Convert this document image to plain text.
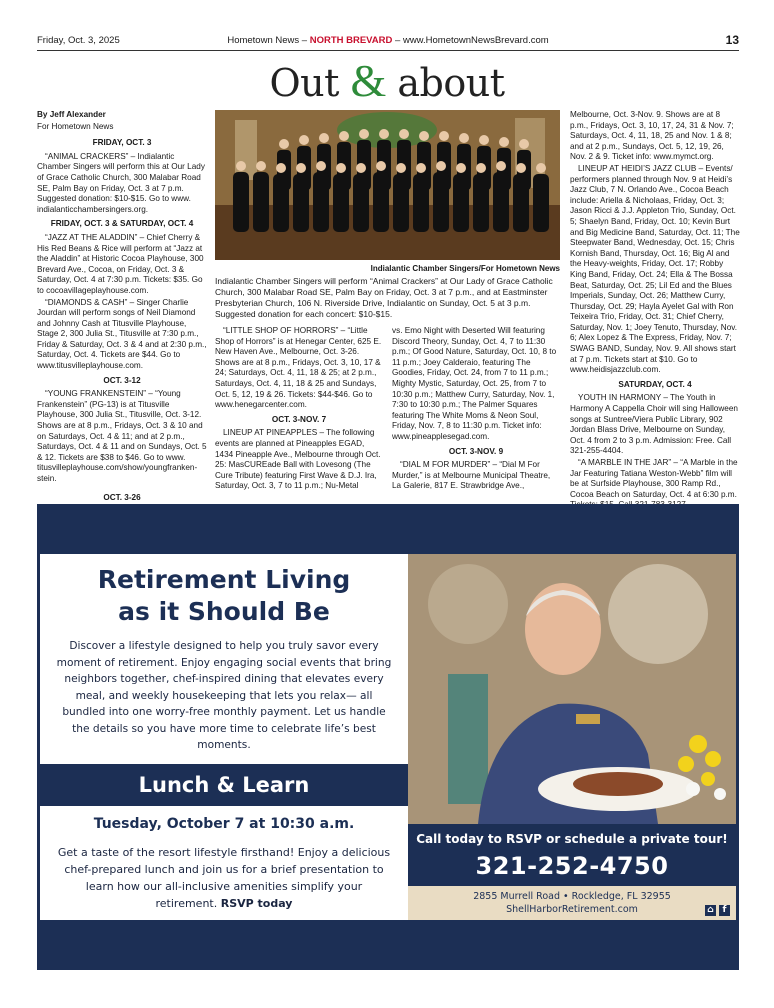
Friday, Oct. 3, 2025	Hometown News – NORTH BREVARD – www.HometownNewsBrevard.com	13
Out & about

By Jeff Alexander

For Hometown News

FRIDAY, OCT. 3

“ANIMAL CRACKERS” – Indialantic Chamber Singers will perform this at Our Lady of Grace Catholic Church, 300 Malabar Road SE, Palm Bay on Friday, Oct. 3 at 7 p.m. Suggested donation: $10-$15. Go to www. indialanticchambersingers.org.

FRIDAY, OCT. 3 & SATURDAY, OCT. 4

“JAZZ AT THE ALADDIN” – Chief Cherry & His Red Beans & Rice will perform at “Jazz at the Aladdin” at Historic Cocoa Playhouse, 300 Brevard Ave., Cocoa, on Friday, Oct. 3 & Saturday, Oct. 4 at 7:30 p.m. Tickets: $35. Go to cocoavillageplayhouse.com.

“DIAMONDS & CASH” – Singer Charlie Jourdan will perform songs of Neil Diamond and Johnny Cash at Titusville Playhouse, Stage 2, 300 Julia St., Titusville at 7:30 p.m., Friday & Saturday, Oct. 3 & 4 and at 2:30 p.m., Saturday, Oct. 4. Tickets are $44. Go to www.titusvilleplayhouse.com.

OCT. 3-12

“YOUNG FRANKENSTEIN” – “Young Frankenstein” (PG-13) is at Titusville Playhouse, 300 Julia St., Titusville, Oct. 3-12. Shows are at 8 p.m., Fridays, Oct. 3 & 10 and on Saturdays, Oct. 4 & 11; and at 2 p.m., Saturdays, Oct. 4 & 11 and on Sundays, Oct. 5 & 12. Tickets are $38 to $46. Go to www. titusvilleplayhouse.com/show/youngfranken-stein.

OCT. 3-26
Indialantic Chamber Singers/For Hometown News
Indialantic Chamber Singers will perform “Animal Crackers” at Our Lady of Grace Catholic Church, 300 Malabar Road SE, Palm Bay on Friday, Oct. 3 at 7 p.m., and at Eastminster Presbyterian Church, 106 N. Riverside Drive, Indialantic on Sunday, Oct. 5 at 3 p.m. Suggested donation for each concert: $10-$15.

“LITTLE SHOP OF HORRORS” – “Little Shop of Horrors” is at Henegar Center, 625 E. New Haven Ave., Melbourne, Oct. 3-26. Shows are at 8 p.m., Fridays, Oct. 3, 10, 17 & 24; Saturdays, Oct. 4, 11, 18 & 25; at 2 p.m., Saturdays, Oct. 4, 11, 18 & 25 and Sundays, Oct. 5, 12, 19 & 26. Tickets: $44-$46. Go to www.henegarcenter.com.

OCT. 3-NOV. 7

LINEUP AT PINEAPPLES – The following events are planned at Pineapples EGAD, 1434 Pineapple Ave., Melbourne through Oct. 25: MasCUREade Ball with Lovesong (The Cure Tribute) featuring First Wave & D.J. Ira, Saturday, Oct. 3, 7 to 11 p.m.; Nu-Metal

vs. Emo Night with Deserted Will featuring Discord Theory, Sunday, Oct. 4, 7 to 11:30 p.m.; Of Good Nature, Saturday, Oct. 10, 8 to 11 p.m.; Joey Calderaio, featuring The Goodies, Friday, Oct. 24, from 7 to 11 p.m.; Mighty Mystic, Saturday, Oct. 25, from 7 to 10:30 p.m.; Matthew Curry, Saturday, Nov. 1, 7:30 to 10:30 p.m.; The Palmer Squares featuring The White Moms & Neon Soul, Friday, Nov. 7, 8 to 11:30 p.m. Ticket info: www.pineapplesegad.com.

OCT. 3-NOV. 9

“DIAL M FOR MURDER” – “Dial M For Murder,” is at Melbourne Municipal Theatre, La Galerie, 817 E. Strawbridge Ave.,

Melbourne, Oct. 3-Nov. 9. Shows are at 8 p.m., Fridays, Oct. 3, 10, 17, 24, 31 & Nov. 7; Saturdays, Oct. 4, 11, 18, 25 and Nov. 1 & 8; and at 2 p.m., Sundays, Oct. 5, 12, 19, 26, Nov. 2 & 9. Ticket info: www.mymct.org.

LINEUP AT HEIDI’S JAZZ CLUB – Events/ performers planned through Nov. 9 at Heidi’s Jazz Club, 7 N. Orlando Ave., Cocoa Beach include: Ariella & Nicholaas, Friday, Oct. 3; Jason Ricci & J.J. Appleton Trio, Sunday, Oct. 5; Shaelyn Band, Friday, Oct. 10; Kevin Burt and Big Medicine Band, Saturday, Oct. 11; The Steepwater Band, Wednesday, Oct. 15; Chris Kornish Band, Thursday, Oct. 16; Big Al and the Heavy-weights, Friday, Oct. 17; Robby King Band, Friday, Oct. 24; Ella & The Bossa Beat, Saturday, Oct. 25; Lil Ed and the Blues Imperials, Sunday, Oct. 26; Matthew Curry, Thursday, Oct. 29; Hayla Ayelet Gal with Ron Teixeira Trio, Friday, Oct. 31; Chief Cherry, Saturday, Nov. 1; Joey Tenuto, Thursday, Nov. 6; Alex Lopez & The Express, Friday, Nov. 7; SWAG BAND, Sunday, Nov. 9. All shows start at 7 p.m. Tickets start at $10. Go to www.heidisjazzclub.com.

SATURDAY, OCT. 4

YOUTH IN HARMONY – The Youth in Harmony A Cappella Choir will sing Halloween songs at Suntree/Viera Public Library, 902 Jordan Blass Drive, Melbourne on Sunday, Oct. 4 from 2 to 3 p.m. Admission: Free. Call 321-255-4404.

“A MARBLE IN THE JAR” – “A Marble in the Jar Featuring Tatiana Weston-Webb” film will be at Surfside Playhouse, 300 Ramp Rd., Cocoa Beach on Saturday, Oct. 4 at 6:30 p.m.

Retirement Living
as it Should Be
Discover a lifestyle designed to help you truly savor every moment of retirement. Enjoy engaging social events that bring neighbors together, chef-inspired dining that elevates every meal, and weekly housekeeping that lets you relax— all bundled into one worry-free monthly payment. Let us handle the details so you have more time to celebrate life’s best moments.
Lunch & Learn
Tuesday, October 7 at 10:30 a.m.
Get a taste of the resort lifestyle firsthand! Enjoy a delicious chef-prepared lunch and join us for a brief presentation to learn how our all-inclusive amenities simplify your retirement. RSVP today
Call today to RSVP or schedule a private tour!
321-252-4750
2855 Murrell Road • Rockledge, FL 32955
ShellHarborRetirement.com	⌂ f
